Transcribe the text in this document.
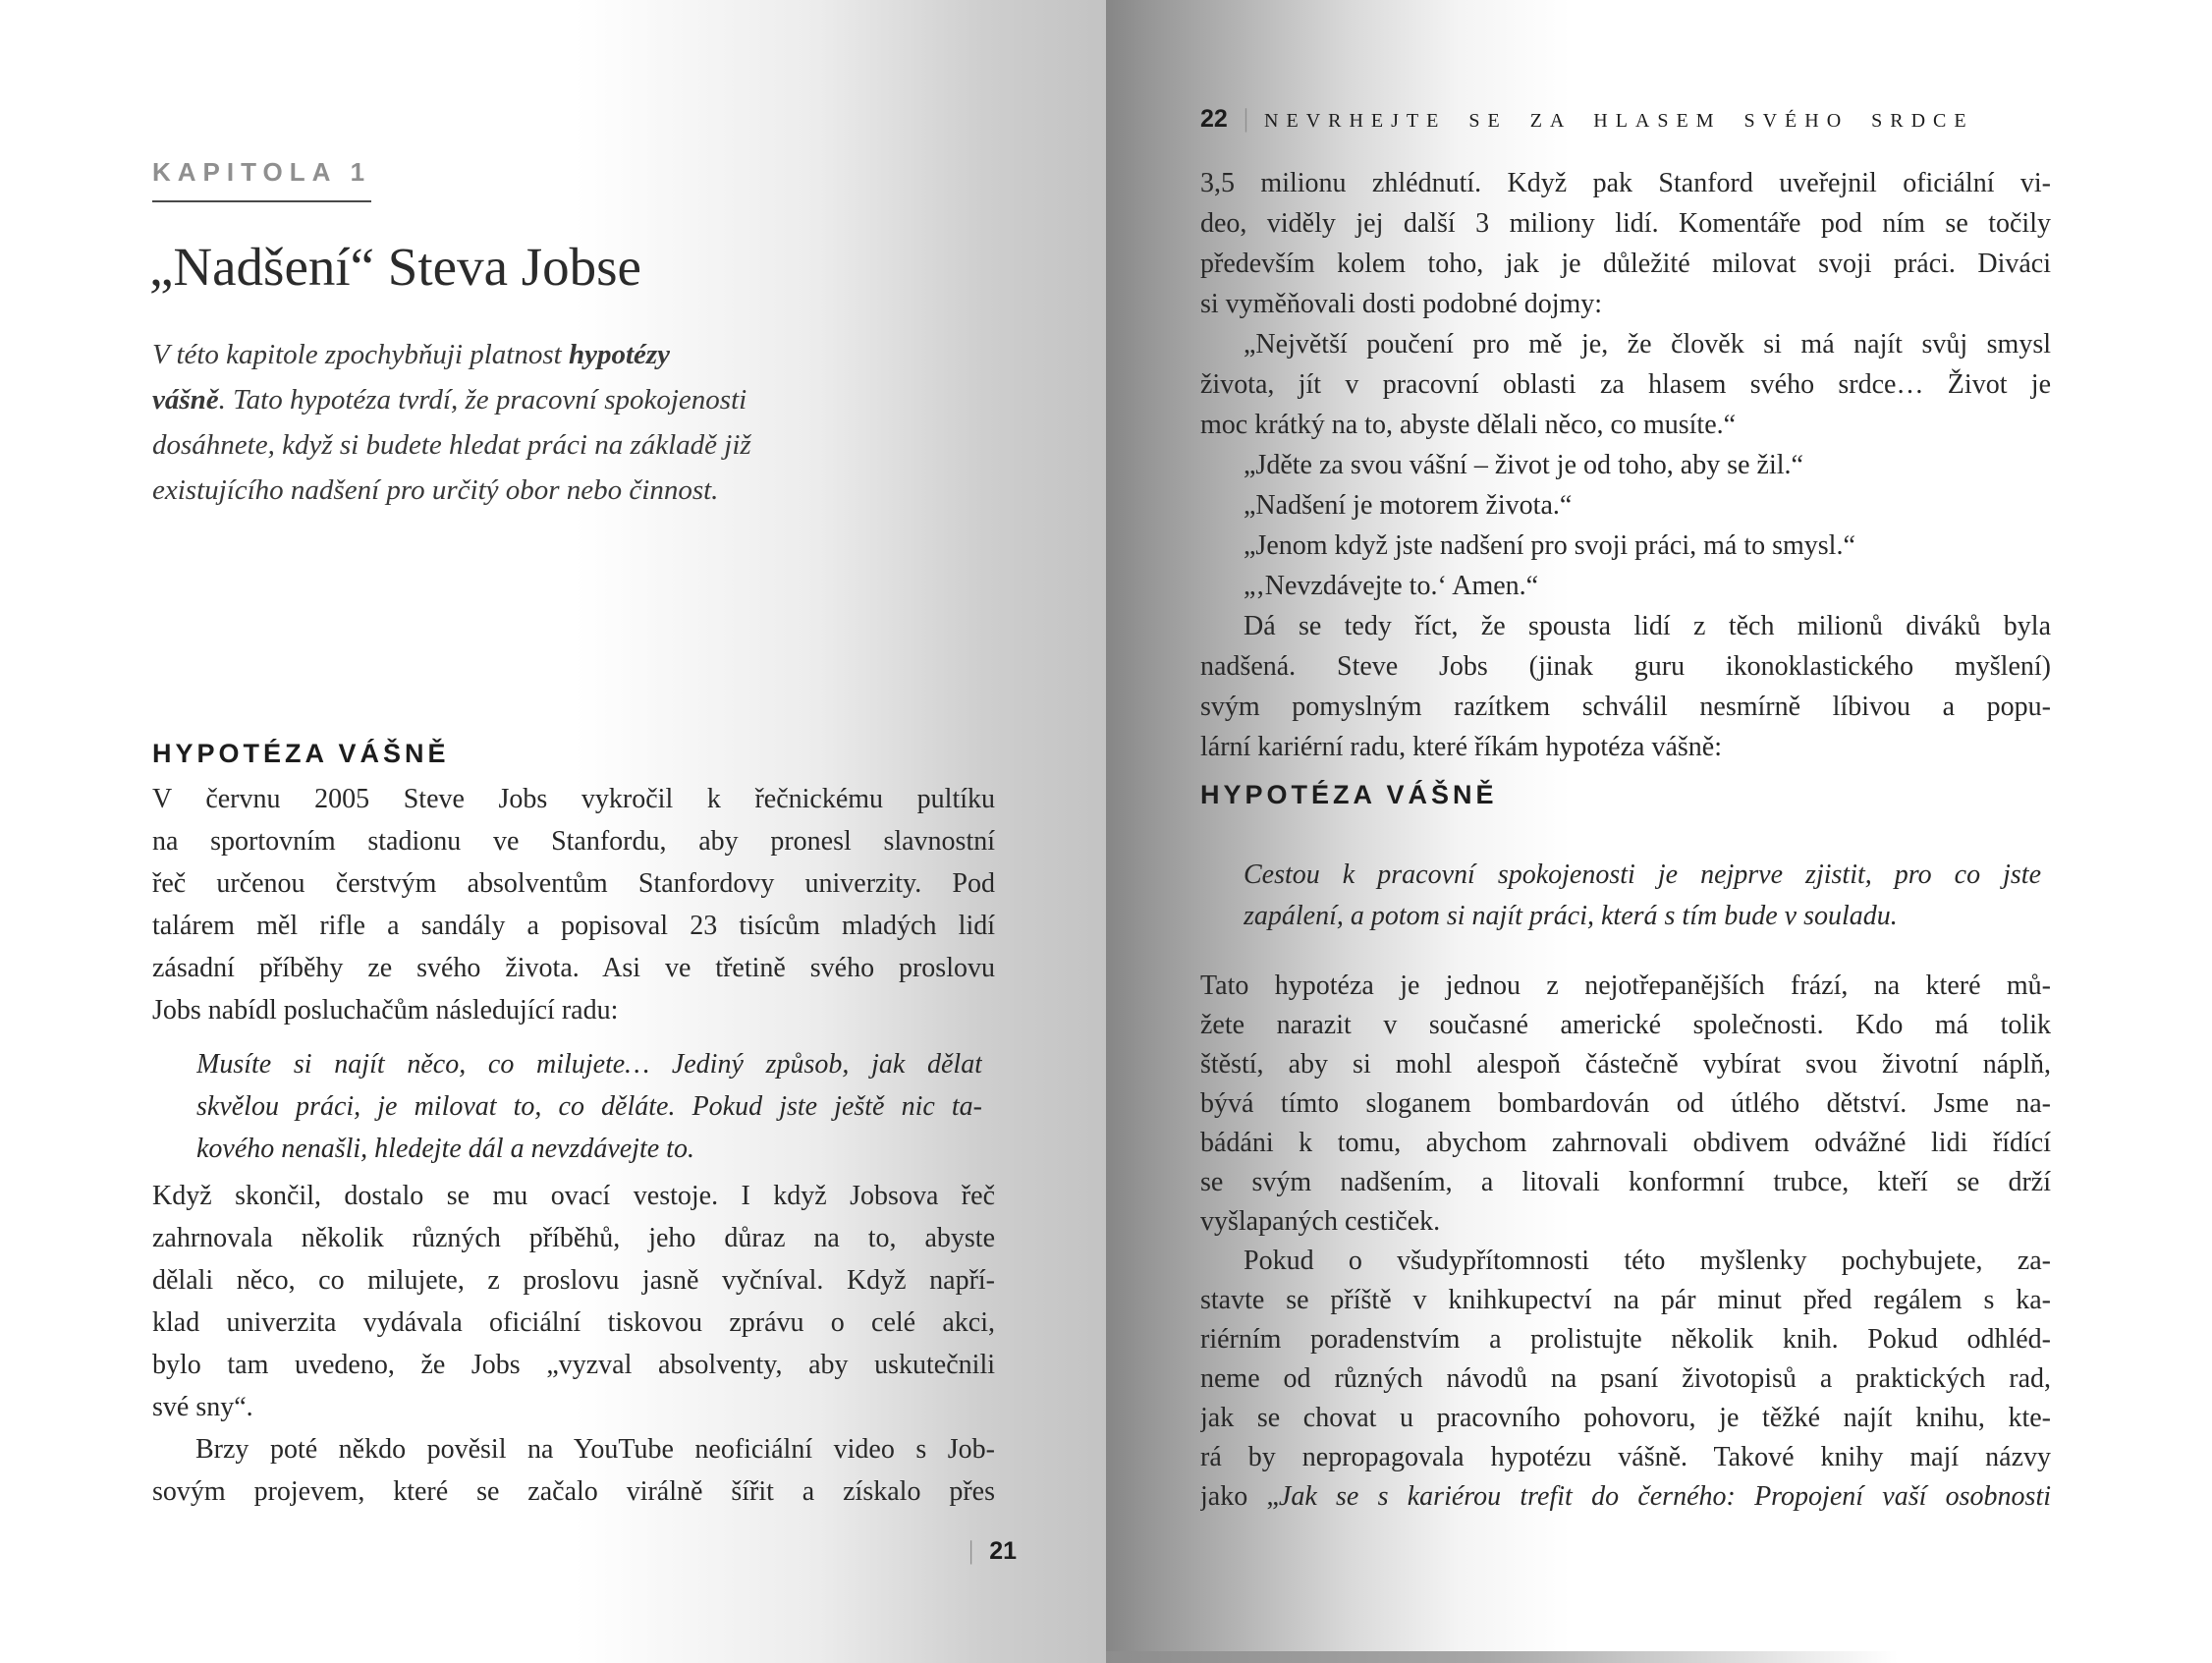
KAPITOLA 1
„Nadšení“ Steva Jobse
V této kapitole zpochybňuji platnost hypotézy
vášně. Tato hypotéza tvrdí, že pracovní spokojenosti
dosáhnete, když si budete hledat práci na základě již
existujícího nadšení pro určitý obor nebo činnost.
HYPOTÉZA VÁŠNĚ
V červnu 2005 Steve Jobs vykročil k řečnickému pultíku
na sportovním stadionu ve Stanfordu, aby pronesl slavnostní
řeč určenou čerstvým absolventům Stanfordovy univerzity. Pod
talárem měl rifle a sandály a popisoval 23 tisícům mladých lidí
zásadní příběhy ze svého života. Asi ve třetině svého proslovu
Jobs nabídl posluchačům následující radu:
Musíte si najít něco, co milujete… Jediný způsob, jak dělat
skvělou práci, je milovat to, co děláte. Pokud jste ještě nic ta-
kového nenašli, hledejte dál a nevzdávejte to.
Když skončil, dostalo se mu ovací vestoje. I když Jobsova řeč
zahrnovala několik různých příběhů, jeho důraz na to, abyste
dělali něco, co milujete, z proslovu jasně vyčníval. Když napří-
klad univerzita vydávala oficiální tiskovou zprávu o celé akci,
bylo tam uvedeno, že Jobs „vyzval absolventy, aby uskutečnili
své sny“.
Brzy poté někdo pověsil na YouTube neoficiální video s Job-
sovým projevem, které se začalo virálně šířit a získalo přes
| 21
22 | NEVRHEJTE SE ZA HLASEM SVÉHO SRDCE
3,5 milionu zhlédnutí. Když pak Stanford uveřejnil oficiální vi-
deo, viděly jej další 3 miliony lidí. Komentáře pod ním se točily
především kolem toho, jak je důležité milovat svoji práci. Diváci
si vyměňovali dosti podobné dojmy:
„Největší poučení pro mě je, že člověk si má najít svůj smysl
života, jít v pracovní oblasti za hlasem svého srdce… Život je
moc krátký na to, abyste dělali něco, co musíte.“
„Jděte za svou vášní – život je od toho, aby se žil.“
„Nadšení je motorem života.“
„Jenom když jste nadšení pro svoji práci, má to smysl.“
„‚Nevzdávejte to.‘ Amen.“
Dá se tedy říct, že spousta lidí z těch milionů diváků byla
nadšená. Steve Jobs (jinak guru ikonoklastického myšlení)
svým pomyslným razítkem schválil nesmírně líbivou a popu-
lární kariérní radu, které říkám hypotéza vášně:
HYPOTÉZA VÁŠNĚ
Cestou k pracovní spokojenosti je nejprve zjistit, pro co jste
zapálení, a potom si najít práci, která s tím bude v souladu.
Tato hypotéza je jednou z nejotřepanějších frází, na které mů-
žete narazit v současné americké společnosti. Kdo má tolik
štěstí, aby si mohl alespoň částečně vybírat svou životní náplň,
bývá tímto sloganem bombardován od útlého dětství. Jsme na-
bádáni k tomu, abychom zahrnovali obdivem odvážné lidi řídící
se svým nadšením, a litovali konformní trubce, kteří se drží
vyšlapaných cestiček.
Pokud o všudypřítomnosti této myšlenky pochybujete, za-
stavte se příště v knihkupectví na pár minut před regálem s ka-
riérním poradenstvím a prolistujte několik knih. Pokud odhléd-
neme od různých návodů na psaní životopisů a praktických rad,
jak se chovat u pracovního pohovoru, je těžké najít knihu, kte-
rá by nepropagovala hypotézu vášně. Takové knihy mají názvy
jako „Jak se s kariérou trefit do černého: Propojení vaší osobnosti
